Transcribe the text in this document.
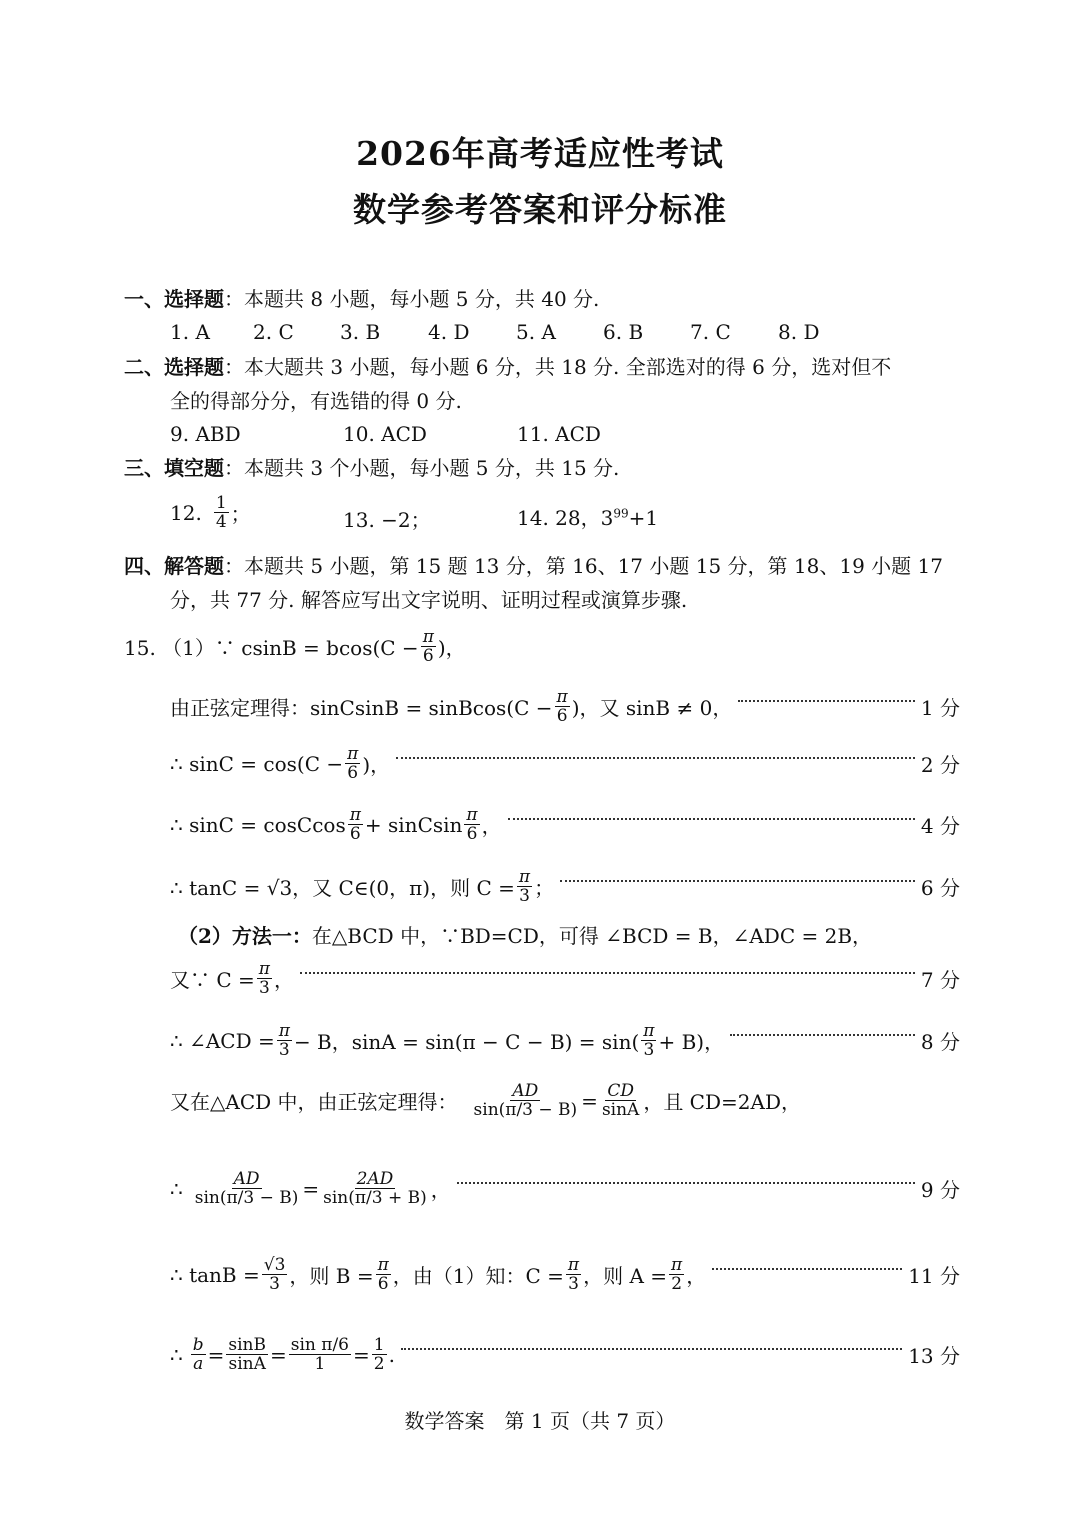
2026年高考适应性考试
数学参考答案和评分标准
一、选择题：本题共 8 小题，每小题 5 分，共 40 分.
1. A 2. C 3. B 4. D 5. A 6. B 7. C 8. D
二、选择题：本大题共 3 小题，每小题 6 分，共 18 分. 全部选对的得 6 分，选对但不
全的得部分分，有选错的得 0 分.
9. ABD	10. ACD	11. ACD
三、填空题：本题共 3 个小题，每小题 5 分，共 15 分.
12. $\frac{1}{4}$ ；	13. −2；	14. 28，$3^{99}+1$
四、解答题：本题共 5 小题，第 15 题 13 分，第 16、17 小题 15 分，第 18、19 小题 17
分，共 77 分. 解答应写出文字说明、证明过程或演算步骤.
15. （1）∵ $csinB = bcos(C - \frac{\pi}{6}$ )，
由正弦定理得：sinCsinB = sinBcos(C − $\frac{\pi}{6}$ )，又 sinB ≠ 0，	1 分
∴ $\sin C = \cos(C - \frac{\pi}{6}$ )，	2 分
∴ sinC = cosCcos $\frac{\pi}{6}$ + sinCsin $\frac{\pi}{6}$ ，	4 分
∴ tanC = √3，又 C∈(0，π)，则 $C = \frac{\pi}{3}$ ；	6 分
（2）方法一：在△BCD 中，∵BD=CD，可得 ∠BCD = B，∠ADC = 2B，
又∵ $C = \frac{\pi}{3}$ ，	7 分
∴ ∠ACD = $\frac{\pi}{3} - B$，$\sin A = \sin(\pi - C - B) = \sin( \frac{\pi}{3} + B)$，	8 分
又在△ACD 中，由正弦定理得： $\frac{AD}{\sin(\pi/3 - B)} = \frac{CD}{\sin A}$ ，且 CD=2AD，
∴ $\frac{AD}{\sin(\pi/3 - B)} = \frac{2AD}{\sin(\pi/3 + B)}$ ，	9 分
∴ $\tan B = \frac{√3}{3}$ ，则 $B = \frac{\pi}{6}$ ，由（1）知：$C = \frac{\pi}{3}$ ，则 $A = \frac{\pi}{2}$ ，	11 分
∴ $\frac{b}{a} = \frac{\sin B}{\sin A} = \frac{\text{sin π/6}}{1} = \frac{1}{2}$ .	13 分
数学答案　第 1 页（共 7 页）
